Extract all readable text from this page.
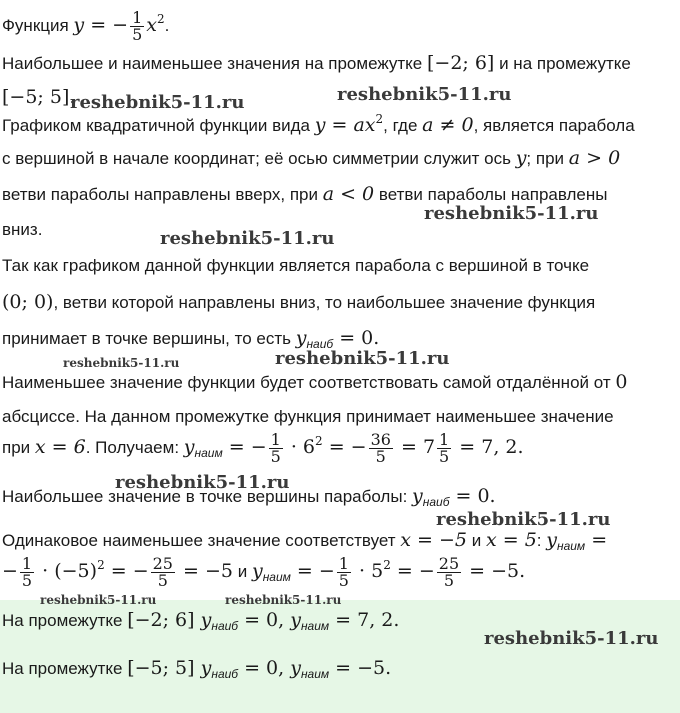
Функция y = − $\frac{1}{5} x^2$.
Наибольшее и наименьшее значения на промежутке [−2; 6] и на промежутке
[−5; 5].
Графиком квадратичной функции вида $y = ax^2$, где a ≠ 0, является парабола
с вершиной в начале координат; её осью симметрии служит ось y; при a > 0
ветви параболы направлены вверх, при a < 0 ветви параболы направлены
вниз.
Так как графиком данной функции является парабола с вершиной в точке
(0; 0), ветви которой направлены вниз, то наибольшее значение функция
принимает в точке вершины, то есть $y_{наиб} = 0$.
Наименьшее значение функции будет соответствовать самой отдалённой от 0
абсциссе. На данном промежутке функция принимает наименьшее значение
при x = 6. Получаем: $y_{наим}$ = − $\frac{1}{5} \cdot 6^2$ = − $\frac{36}{5} = 7 \frac{1}{5} = 7$, 2.
Наибольшее значение в точке вершины параболы: $y_{наиб} = 0$.
Одинаковое наименьшее значение соответствует x = −5 и x = 5: $y_{наим}$ =
− $\frac{1}{5} \cdot (-5)^2$ = − $\frac{25}{5} = -5$ и $y_{наим}$ = − $\frac{1}{5} \cdot 5^2$ = − $\frac{25}{5} = -5$.
На промежутке [−2; 6] $y_{наиб} = 0$, $y_{наим} = 7$, 2.
На промежутке [−5; 5] $y_{наиб} = 0$, $y_{наим} = -5$.
reshebnik5-11.ru	reshebnik5-11.ru
reshebnik5-11.ru
reshebnik5-11.ru
reshebnik5-11.ru	reshebnik5-11.ru
reshebnik5-11.ru
reshebnik5-11.ru
reshebnik5-11.ru	reshebnik5-11.ru
reshebnik5-11.ru
